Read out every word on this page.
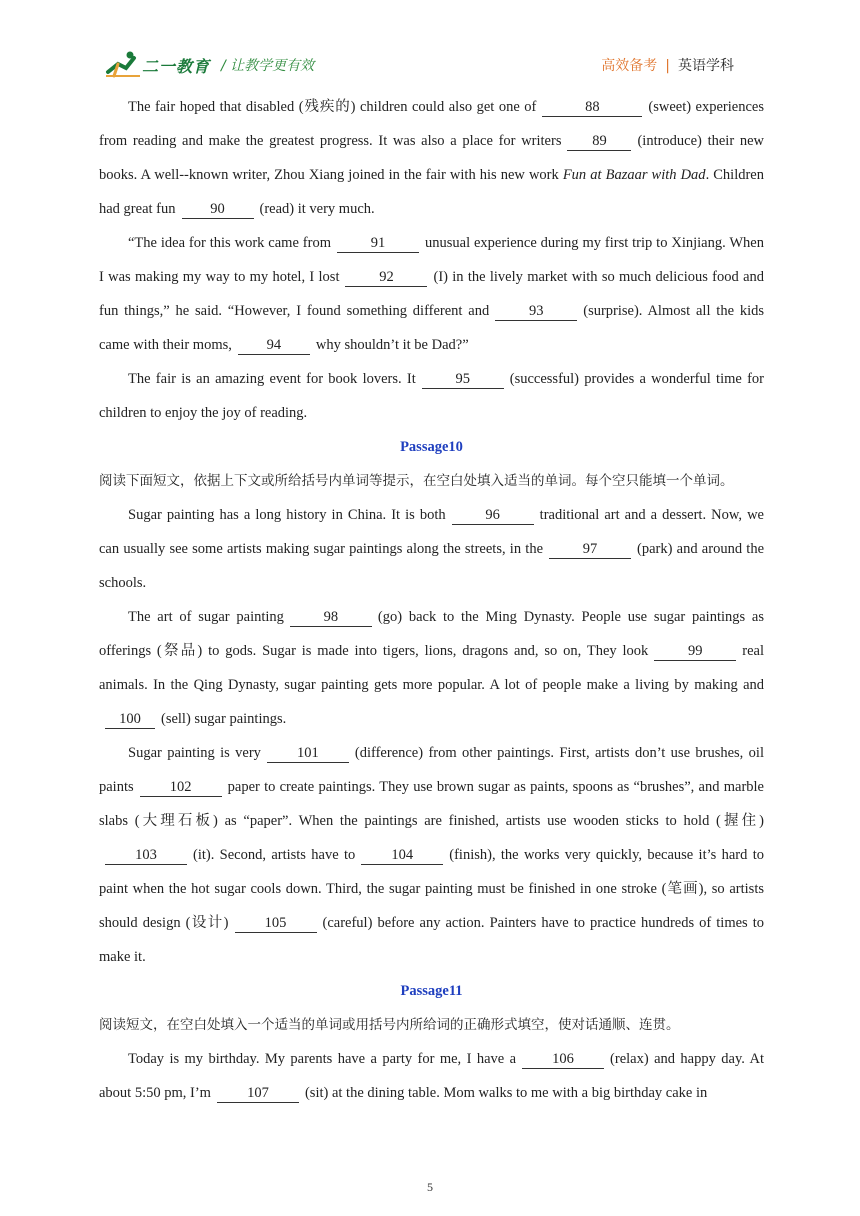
二一教育 / 让教学更有效	高效备考 | 英语学科

The fair hoped that disabled (残疾的) children could also get one of	88	(sweet) experiences from reading and make the greatest progress. It was also a place for writers 89 (introduce) their new books. A well--known writer, Zhou Xiang joined in the fair with his new work Fun at Bazaar with Dad. Children had great fun 90 (read) it very much.

“The idea for this work came from	91	unusual experience during my first trip to Xinjiang. When I was making my way to my hotel, I lost	92	(I) in the lively market with so much delicious food and fun things,” he said. “However, I found something different and	93	(surprise). Almost all the kids came with their moms, 94 why shouldn’t it be Dad?”

The fair is an amazing event for book lovers. It	95	(successful) provides a wonderful time for children to enjoy the joy of reading.

Passage10

阅读下面短文，依据上下文或所给括号内单词等提示，在空白处填入适当的单词。每个空只能填一个单词。

Sugar painting has a long history in China. It is both	96	traditional art and a dessert. Now, we can usually see some artists making sugar paintings along the streets, in the	97	(park) and around the schools.

The art of sugar painting	98	(go) back to the Ming Dynasty. People use sugar paintings as offerings (祭品) to gods. Sugar is made into tigers, lions, dragons and, so on, They look	99	real animals. In the Qing Dynasty, sugar painting gets more popular. A lot of people make a living by making and100 (sell) sugar paintings.

Sugar painting is very 101 (difference) from other paintings. First, artists don’t use brushes, oil paints 102 paper to create paintings. They use brown sugar as paints, spoons as “brushes”, and marble slabs (大理石板) as “paper”. When the paintings are finished, artists use wooden sticks to hold (握住)103 (it). Second, artists have to 104 (finish), the works very quickly, because it’s hard to paint when the hot sugar cools down. Third, the sugar painting must be finished in one stroke (笔画), so artists should design (设计) 105 (careful) before any action. Painters have to practice hundreds of times to make it.

Passage11

阅读短文，在空白处填入一个适当的单词或用括号内所给词的正确形式填空，使对话通顺、连贯。

Today is my birthday. My parents have a party for me, I have a 106 (relax) and happy day. At about 5:50 pm, I’m 107 (sit) at the dining table. Mom walks to me with a big birthday cake in

5
